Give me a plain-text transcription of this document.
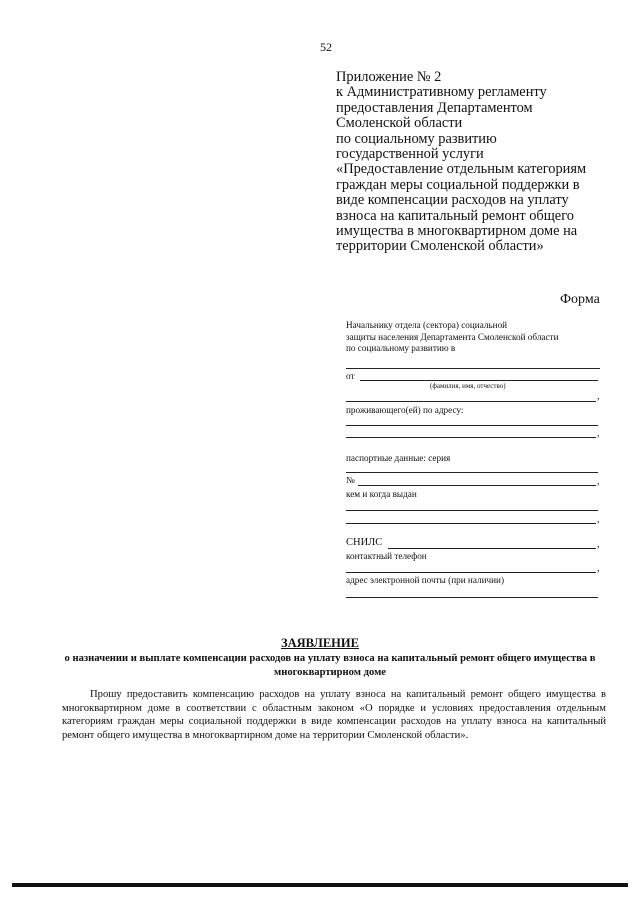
52
Приложение № 2
к Административному регламенту
предоставления Департаментом
Смоленской области
по социальному развитию
государственной услуги
«Предоставление отдельным категориям
граждан меры социальной поддержки в
виде компенсации расходов на уплату
взноса на капитальный ремонт общего
имущества в многоквартирном доме на
территории Смоленской области»
Форма
Начальнику отдела (сектора) социальной
защиты населения Департамента Смоленской области
по социальному развитию в
от
(фамилия, имя, отчество)
,
проживающего(ей) по адресу:
,
паспортные данные: серия
№	,
кем и когда выдан
,
СНИЛС	,
контактный телефон
,
адрес электронной почты (при наличии)
ЗАЯВЛЕНИЕ
о назначении и выплате компенсации расходов на уплату взноса на капитальный ремонт общего имущества в многоквартирном доме

Прошу предоставить компенсацию расходов на уплату взноса на капитальный ремонт общего имущества в многоквартирном доме в соответствии с областным законом «О порядке и условиях предоставления отдельным категориям граждан меры социальной поддержки в виде компенсации расходов на уплату взноса на капитальный ремонт общего имущества в многоквартирном доме на территории Смоленской области».
